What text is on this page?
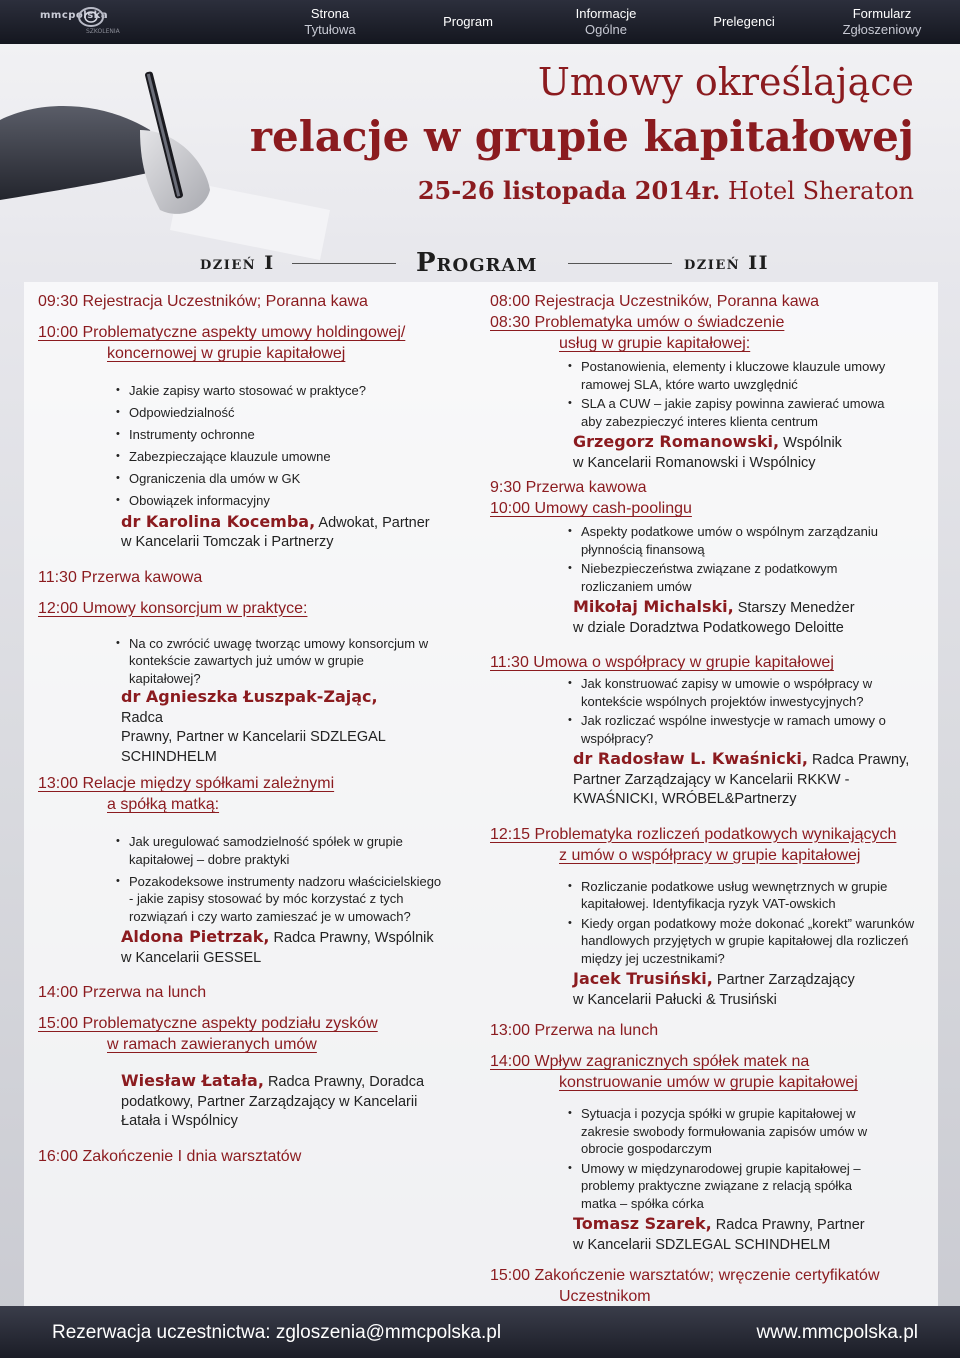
mmcpolska
SZKOLENIA
Strona
Tytułowa
Program
Informacje
Ogólne
Prelegenci
Formularz
Zgłoszeniowy
Umowy określające
relacje w grupie kapitałowej
25-26 listopada 2014r. Hotel Sheraton
dzień I	Program	dzień II
09:30 Rejestracja Uczestników; Poranna kawa
10:00 Problematyczne aspekty umowy holdingowej/
koncernowej w grupie kapitałowej
• Jakie zapisy warto stosować w praktyce?
• Odpowiedzialność
• Instrumenty ochronne
• Zabezpieczające klauzule umowne
• Ograniczenia dla umów w GK
• Obowiązek informacyjny
dr Karolina Kocemba, Adwokat, Partner
w Kancelarii Tomczak i Partnerzy
11:30 Przerwa kawowa
12:00 Umowy konsorcjum w praktyce:
• Na co zwrócić uwagę tworząc umowy konsorcjum w kontekście zawartych już umów w grupie kapitałowej?
dr Agnieszka Łuszpak-Zając, Radca
Prawny, Partner w Kancelarii SDZLEGAL
SCHINDHELM
13:00 Relacje między spółkami zależnymi
a spółką matką:
• Jak uregulować samodzielność spółek w grupie kapitałowej – dobre praktyki
• Pozakodeksowe instrumenty nadzoru właścicielskiego - jakie zapisy stosować by móc korzystać z tych rozwiązań i czy warto zamieszać je w umowach?
Aldona Pietrzak, Radca Prawny, Wspólnik
w Kancelarii GESSEL
14:00 Przerwa na lunch
15:00 Problematyczne aspekty podziału zysków
w ramach zawieranych umów
Wiesław Łatała, Radca Prawny, Doradca
podatkowy, Partner Zarządzający w Kancelarii
Łatała i Wspólnicy
16:00 Zakończenie I dnia warsztatów
08:00 Rejestracja Uczestników, Poranna kawa
08:30 Problematyka umów o świadczenie
usług w grupie kapitałowej:
• Postanowienia, elementy i kluczowe klauzule umowy ramowej SLA, które warto uwzględnić
• SLA a CUW – jakie zapisy powinna zawierać umowa aby zabezpieczyć interes klienta centrum
Grzegorz Romanowski, Wspólnik
w Kancelarii Romanowski i Wspólnicy
9:30 Przerwa kawowa
10:00 Umowy cash-poolingu
• Aspekty podatkowe umów o wspólnym zarządzaniu płynnością finansową
• Niebezpieczeństwa związane z podatkowym rozliczaniem umów
Mikołaj Michalski, Starszy Menedżer
w dziale Doradztwa Podatkowego Deloitte
11:30 Umowa o współpracy w grupie kapitałowej
• Jak konstruować zapisy w umowie o współpracy w kontekście wspólnych projektów inwestycyjnych?
• Jak rozliczać wspólne inwestycje w ramach umowy o współpracy?
dr Radosław L. Kwaśnicki, Radca Prawny,
Partner Zarządzający w Kancelarii RKKW -
KWAŚNICKI, WRÓBEL&Partnerzy
12:15 Problematyka rozliczeń podatkowych wynikających
z umów o współpracy w grupie kapitałowej
• Rozliczanie podatkowe usług wewnętrznych w grupie kapitałowej. Identyfikacja ryzyk VAT-owskich
• Kiedy organ podatkowy może dokonać „korekt” warunków handlowych przyjętych w grupie kapitałowej dla rozliczeń między jej uczestnikami?
Jacek Trusiński, Partner Zarządzający
w Kancelarii Pałucki & Trusiński
13:00 Przerwa na lunch
14:00 Wpływ zagranicznych spółek matek na
konstruowanie umów w grupie kapitałowej
• Sytuacja i pozycja spółki w grupie kapitałowej w zakresie swobody formułowania zapisów umów w obrocie gospodarczym
• Umowy w międzynarodowej grupie kapitałowej – problemy praktyczne związane z relacją spółka matka – spółka córka
Tomasz Szarek, Radca Prawny, Partner
w Kancelarii SDZLEGAL SCHINDHELM
15:00 Zakończenie warsztatów; wręczenie certyfikatów
Uczestnikom
Rezerwacja uczestnictwa: zgloszenia@mmcpolska.pl	www.mmcpolska.pl
